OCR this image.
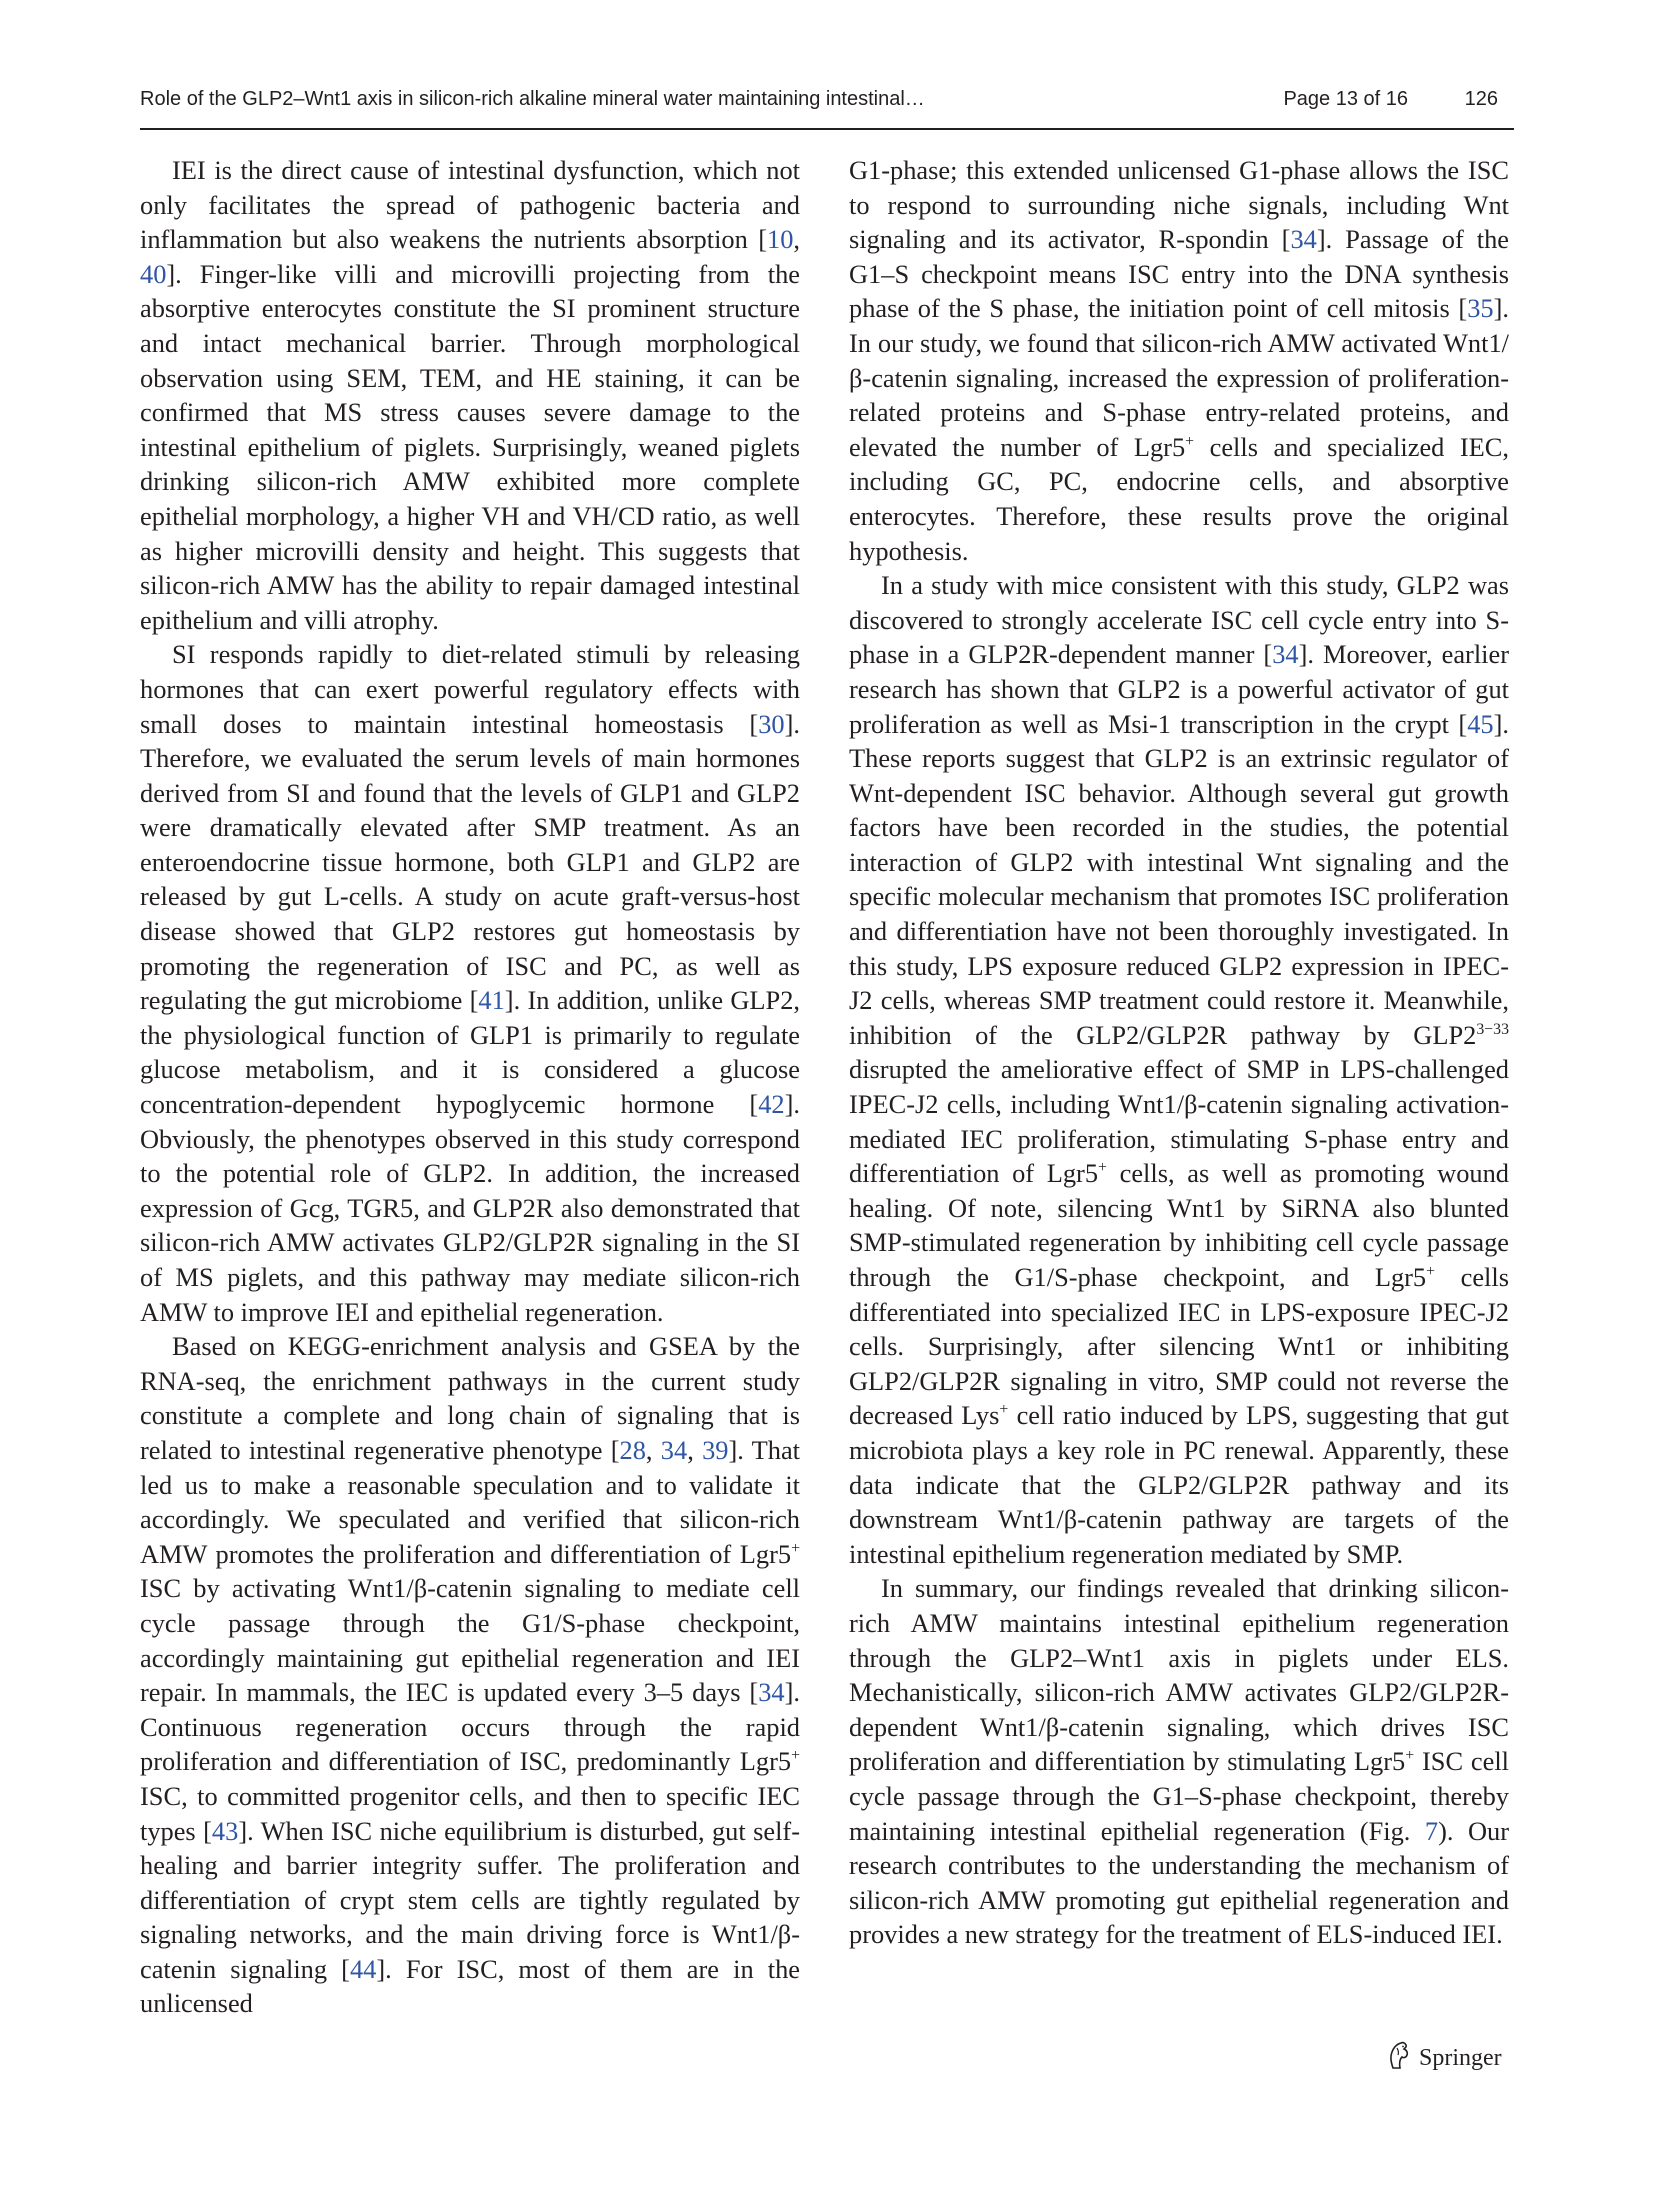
Role of the GLP2–Wnt1 axis in silicon-rich alkaline mineral water maintaining intestinal…	Page 13 of 16	126

IEI is the direct cause of intestinal dysfunction, which not only facilitates the spread of pathogenic bacteria and inflammation but also weakens the nutrients absorption [10, 40]. Finger-like villi and microvilli projecting from the absorptive enterocytes constitute the SI prominent structure and intact mechanical barrier. Through morphological observation using SEM, TEM, and HE staining, it can be confirmed that MS stress causes severe damage to the intestinal epithelium of piglets. Surprisingly, weaned piglets drinking silicon-rich AMW exhibited more complete epithelial morphology, a higher VH and VH/CD ratio, as well as higher microvilli density and height. This suggests that silicon-rich AMW has the ability to repair damaged intestinal epithelium and villi atrophy.

SI responds rapidly to diet-related stimuli by releasing hormones that can exert powerful regulatory effects with small doses to maintain intestinal homeostasis [30]. Therefore, we evaluated the serum levels of main hormones derived from SI and found that the levels of GLP1 and GLP2 were dramatically elevated after SMP treatment. As an enteroendocrine tissue hormone, both GLP1 and GLP2 are released by gut L-cells. A study on acute graft-versus-host disease showed that GLP2 restores gut homeostasis by promoting the regeneration of ISC and PC, as well as regulating the gut microbiome [41]. In addition, unlike GLP2, the physiological function of GLP1 is primarily to regulate glucose metabolism, and it is considered a glucose concentration-dependent hypoglycemic hormone [42]. Obviously, the phenotypes observed in this study correspond to the potential role of GLP2. In addition, the increased expression of Gcg, TGR5, and GLP2R also demonstrated that silicon-rich AMW activates GLP2/GLP2R signaling in the SI of MS piglets, and this pathway may mediate silicon-rich AMW to improve IEI and epithelial regeneration.

Based on KEGG-enrichment analysis and GSEA by the RNA-seq, the enrichment pathways in the current study constitute a complete and long chain of signaling that is related to intestinal regenerative phenotype [28, 34, 39]. That led us to make a reasonable speculation and to validate it accordingly. We speculated and verified that silicon-rich AMW promotes the proliferation and differentiation of Lgr5+ ISC by activating Wnt1/β-catenin signaling to mediate cell cycle passage through the G1/S-phase checkpoint, accordingly maintaining gut epithelial regeneration and IEI repair. In mammals, the IEC is updated every 3–5 days [34]. Continuous regeneration occurs through the rapid proliferation and differentiation of ISC, predominantly Lgr5+ ISC, to committed progenitor cells, and then to specific IEC types [43]. When ISC niche equilibrium is disturbed, gut self-healing and barrier integrity suffer. The proliferation and differentiation of crypt stem cells are tightly regulated by signaling networks, and the main driving force is Wnt1/β-catenin signaling [44]. For ISC, most of them are in the unlicensed

G1-phase; this extended unlicensed G1-phase allows the ISC to respond to surrounding niche signals, including Wnt signaling and its activator, R-spondin [34]. Passage of the G1–S checkpoint means ISC entry into the DNA synthesis phase of the S phase, the initiation point of cell mitosis [35]. In our study, we found that silicon-rich AMW activated Wnt1/β-catenin signaling, increased the expression of proliferation-related proteins and S-phase entry-related proteins, and elevated the number of Lgr5+ cells and specialized IEC, including GC, PC, endocrine cells, and absorptive enterocytes. Therefore, these results prove the original hypothesis.

In a study with mice consistent with this study, GLP2 was discovered to strongly accelerate ISC cell cycle entry into S-phase in a GLP2R-dependent manner [34]. Moreover, earlier research has shown that GLP2 is a powerful activator of gut proliferation as well as Msi-1 transcription in the crypt [45]. These reports suggest that GLP2 is an extrinsic regulator of Wnt-dependent ISC behavior. Although several gut growth factors have been recorded in the studies, the potential interaction of GLP2 with intestinal Wnt signaling and the specific molecular mechanism that promotes ISC proliferation and differentiation have not been thoroughly investigated. In this study, LPS exposure reduced GLP2 expression in IPEC-J2 cells, whereas SMP treatment could restore it. Meanwhile, inhibition of the GLP2/GLP2R pathway by $GLP2^{3-33}$ disrupted the ameliorative effect of SMP in LPS-challenged IPEC-J2 cells, including Wnt1/β-catenin signaling activation-mediated IEC proliferation, stimulating S-phase entry and differentiation of Lgr5+ cells, as well as promoting wound healing. Of note, silencing Wnt1 by SiRNA also blunted SMP-stimulated regeneration by inhibiting cell cycle passage through the G1/S-phase checkpoint, and Lgr5+ cells differentiated into specialized IEC in LPS-exposure IPEC-J2 cells. Surprisingly, after silencing Wnt1 or inhibiting GLP2/GLP2R signaling in vitro, SMP could not reverse the decreased Lys+ cell ratio induced by LPS, suggesting that gut microbiota plays a key role in PC renewal. Apparently, these data indicate that the GLP2/GLP2R pathway and its downstream Wnt1/β-catenin pathway are targets of the intestinal epithelium regeneration mediated by SMP.

In summary, our findings revealed that drinking silicon-rich AMW maintains intestinal epithelium regeneration through the GLP2–Wnt1 axis in piglets under ELS. Mechanistically, silicon-rich AMW activates GLP2/GLP2R-dependent Wnt1/β-catenin signaling, which drives ISC proliferation and differentiation by stimulating Lgr5+ ISC cell cycle passage through the G1–S-phase checkpoint, thereby maintaining intestinal epithelial regeneration (Fig. 7). Our research contributes to the understanding the mechanism of silicon-rich AMW promoting gut epithelial regeneration and provides a new strategy for the treatment of ELS-induced IEI.

Springer
